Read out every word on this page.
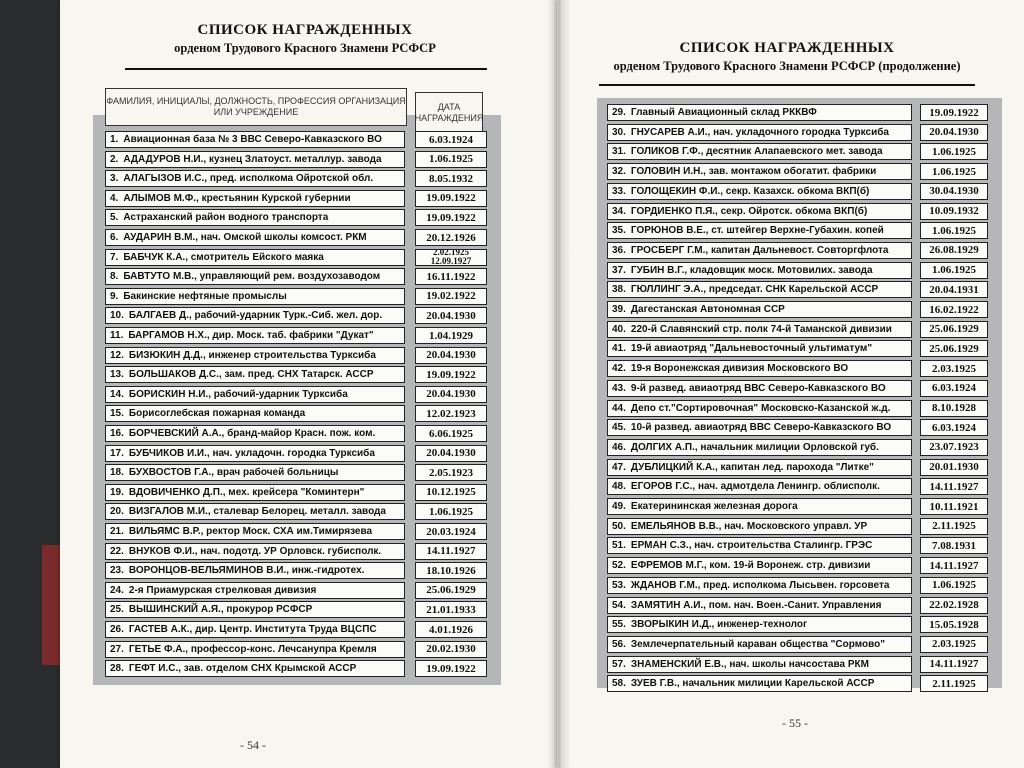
СПИСОК НАГРАЖДЕННЫХ
орденом Трудового Красного Знамени РСФСР
ФАМИЛИЯ, ИНИЦИАЛЫ, ДОЛЖНОСТЬ, ПРОФЕССИЯ ОРГАНИЗАЦИЯ ИЛИ УЧРЕЖДЕНИЕ	ДАТА НАГРАЖДЕНИЯ
1. Авиационная база № 3 ВВС Северо-Кавказского ВО	6.03.1924
2. АДАДУРОВ Н.И., кузнец Златоуст. металлур. завода	1.06.1925
3. АЛАГЫЗОВ И.С., пред. исполкома Ойротской обл.	8.05.1932
4. АЛЫМОВ М.Ф., крестьянин Курской губернии	19.09.1922
5. Астраханский район водного транспорта	19.09.1922
6. АУДАРИН В.М., нач. Омской школы комсост. РКМ	20.12.1926
7. БАБЧУК К.А., смотритель Ейского маяка	2.02.1925 12.09.1927
8. БАВТУТО М.В., управляющий рем. воздухозаводом	16.11.1922
9. Бакинские нефтяные промыслы	19.02.1922
10. БАЛГАЕВ Д., рабочий-ударник Турк.-Сиб. жел. дор.	20.04.1930
11. БАРГАМОВ Н.Х., дир. Моск. таб. фабрики "Дукат"	1.04.1929
12. БИЗЮКИН Д.Д., инженер строительства Турксиба	20.04.1930
13. БОЛЬШАКОВ Д.С., зам. пред. СНХ Татарск. АССР	19.09.1922
14. БОРИСКИН Н.И., рабочий-ударник Турксиба	20.04.1930
15. Борисоглебская пожарная команда	12.02.1923
16. БОРЧЕВСКИЙ А.А., бранд-майор Красн. пож. ком.	6.06.1925
17. БУБЧИКОВ И.И., нач. укладочн. городка Турксиба	20.04.1930
18. БУХВОСТОВ Г.А., врач рабочей больницы	2.05.1923
19. ВДОВИЧЕНКО Д.П., мех. крейсера "Коминтерн"	10.12.1925
20. ВИЗГАЛОВ М.И., сталевар Белорец. металл. завода	1.06.1925
21. ВИЛЬЯМС В.Р., ректор Моск. СХА им.Тимирязева	20.03.1924
22. ВНУКОВ Ф.И., нач. подотд. УР Орловск. губисполк.	14.11.1927
23. ВОРОНЦОВ-ВЕЛЬЯМИНОВ В.И., инж.-гидротех.	18.10.1926
24. 2-я Приамурская стрелковая дивизия	25.06.1929
25. ВЫШИНСКИЙ А.Я., прокурор РСФСР	21.01.1933
26. ГАСТЕВ А.К., дир. Центр. Института Труда ВЦСПС	4.01.1926
27. ГЕТЬЕ Ф.А., профессор-конс. Лечсанупра Кремля	20.02.1930
28. ГЕФТ И.С., зав. отделом СНХ Крымской АССР	19.09.1922
- 54 -
СПИСОК НАГРАЖДЕННЫХ
орденом Трудового Красного Знамени РСФСР (продолжение)
29. Главный Авиационный склад РККВФ	19.09.1922
30. ГНУСАРЕВ А.И., нач. укладочного городка Турксиба	20.04.1930
31. ГОЛИКОВ Г.Ф., десятник Алапаевского мет. завода	1.06.1925
32. ГОЛОВИН И.Н., зав. монтажом обогатит. фабрики	1.06.1925
33. ГОЛОЩЕКИН Ф.И., секр. Казахск. обкома ВКП(б)	30.04.1930
34. ГОРДИЕНКО П.Я., секр. Ойротск. обкома ВКП(б)	10.09.1932
35. ГОРЮНОВ В.Е., ст. штейгер Верхне-Губахин. копей	1.06.1925
36. ГРОСБЕРГ Г.М., капитан Дальневост. Совторгфлота	26.08.1929
37. ГУБИН В.Г., кладовщик моск. Мотовилих. завода	1.06.1925
38. ГЮЛЛИНГ Э.А., председат. СНК Карельской АССР	20.04.1931
39. Дагестанская Автономная ССР	16.02.1922
40. 220-й Славянский стр. полк 74-й Таманской дивизии	25.06.1929
41. 19-й авиаотряд "Дальневосточный ультиматум"	25.06.1929
42. 19-я Воронежская дивизия Московского ВО	2.03.1925
43. 9-й развед. авиаотряд ВВС Северо-Кавказского ВО	6.03.1924
44. Депо ст."Сортировочная" Московско-Казанской ж.д.	8.10.1928
45. 10-й развед. авиаотряд ВВС Северо-Кавказского ВО	6.03.1924
46. ДОЛГИХ А.П., начальник милиции Орловской губ.	23.07.1923
47. ДУБЛИЦКИЙ К.А., капитан лед. парохода "Литке"	20.01.1930
48. ЕГОРОВ Г.С., нач. адмотдела Ленингр. облисполк.	14.11.1927
49. Екатерининская железная дорога	10.11.1921
50. ЕМЕЛЬЯНОВ В.В., нач. Московского управл. УР	2.11.1925
51. ЕРМАН С.З., нач. строительства Сталингр. ГРЭС	7.08.1931
52. ЕФРЕМОВ М.Г., ком. 19-й Воронеж. стр. дивизии	14.11.1927
53. ЖДАНОВ Г.М., пред. исполкома Лысьвен. горсовета	1.06.1925
54. ЗАМЯТИН А.И., пом. нач. Воен.-Санит. Управления	22.02.1928
55. ЗВОРЫКИН И.Д., инженер-технолог	15.05.1928
56. Землечерпательный караван общества "Сормово"	2.03.1925
57. ЗНАМЕНСКИЙ Е.В., нач. школы начсостава РКМ	14.11.1927
58. ЗУЕВ Г.В., начальник милиции Карельской АССР	2.11.1925
- 55 -
